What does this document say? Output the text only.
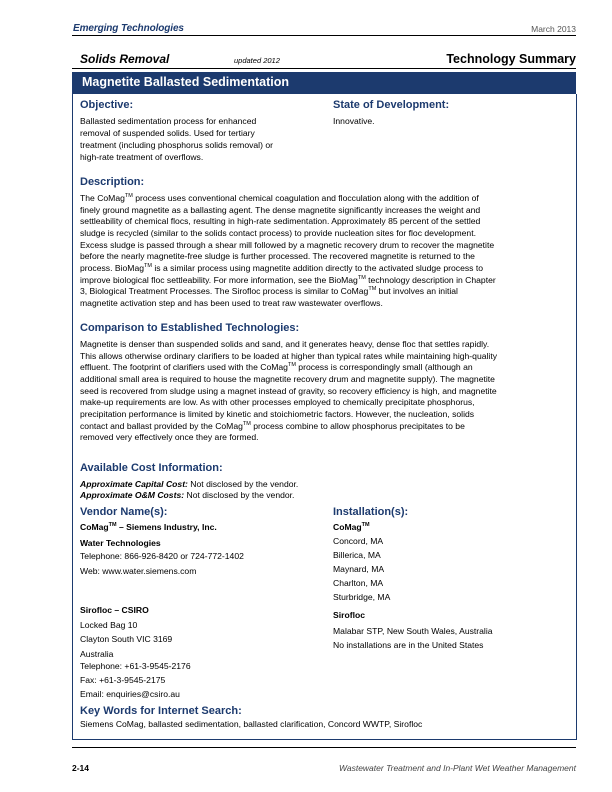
Emerging Technologies	March 2013
Solids Removal	updated 2012	Technology Summary
Magnetite Ballasted Sedimentation
Objective:
Ballasted sedimentation process for enhanced
removal of suspended solids. Used for tertiary
treatment (including phosphorus solids removal) or
high-rate treatment of overflows.
State of Development:
Innovative.
Description:
The CoMag™ process uses conventional chemical coagulation and flocculation along with the addition of
finely ground magnetite as a ballasting agent. The dense magnetite significantly increases the weight and
settleability of chemical flocs, resulting in high-rate sedimentation. Approximately 85 percent of the settled
sludge is recycled (similar to the solids contact process) to provide nucleation sites for floc development.
Excess sludge is passed through a shear mill followed by a magnetic recovery drum to recover the magnetite
before the nearly magnetite-free sludge is further processed. The recovered magnetite is returned to the
process. BioMag™ is a similar process using magnetite addition directly to the activated sludge process to
improve biological floc settleability. For more information, see the BioMag™ technology description in Chapter
3, Biological Treatment Processes. The Sirofloc process is similar to CoMag™ but involves an initial
magnetite activation step and has been used to treat raw wastewater overflows.
Comparison to Established Technologies:
Magnetite is denser than suspended solids and sand, and it generates heavy, dense floc that settles rapidly.
This allows otherwise ordinary clarifiers to be loaded at higher than typical rates while maintaining high-quality
effluent. The footprint of clarifiers used with the CoMag™ process is correspondingly small (although an
additional small area is required to house the magnetite recovery drum and magnetite supply). The magnetite
seed is recovered from sludge using a magnet instead of gravity, so recovery efficiency is high, and magnetite
make-up requirements are low. As with other processes employed to chemically precipitate phosphorus,
precipitation performance is limited by kinetic and stoichiometric factors. However, the nucleation, solids
contact and ballast provided by the CoMag™ process combine to allow phosphorus precipitates to be
removed very effectively once they are formed.
Available Cost Information:
Approximate Capital Cost: Not disclosed by the vendor.
Approximate O&M Costs: Not disclosed by the vendor.
Vendor Name(s):
CoMag™ – Siemens Industry, Inc.
Water Technologies
Telephone: 866-926-8420 or 724-772-1402
Web: www.water.siemens.com
Sirofloc – CSIRO
Locked Bag 10
Clayton South VIC 3169
Australia
Telephone: +61-3-9545-2176
Fax: +61-3-9545-2175
Email: enquiries@csiro.au
Installation(s):
CoMag™
Concord, MA
Billerica, MA
Maynard, MA
Charlton, MA
Sturbridge, MA
Sirofloc
Malabar STP, New South Wales, Australia
No installations are in the United States
Key Words for Internet Search:
Siemens CoMag, ballasted sedimentation, ballasted clarification, Concord WWTP, Sirofloc
2-14	Wastewater Treatment and In-Plant Wet Weather Management
